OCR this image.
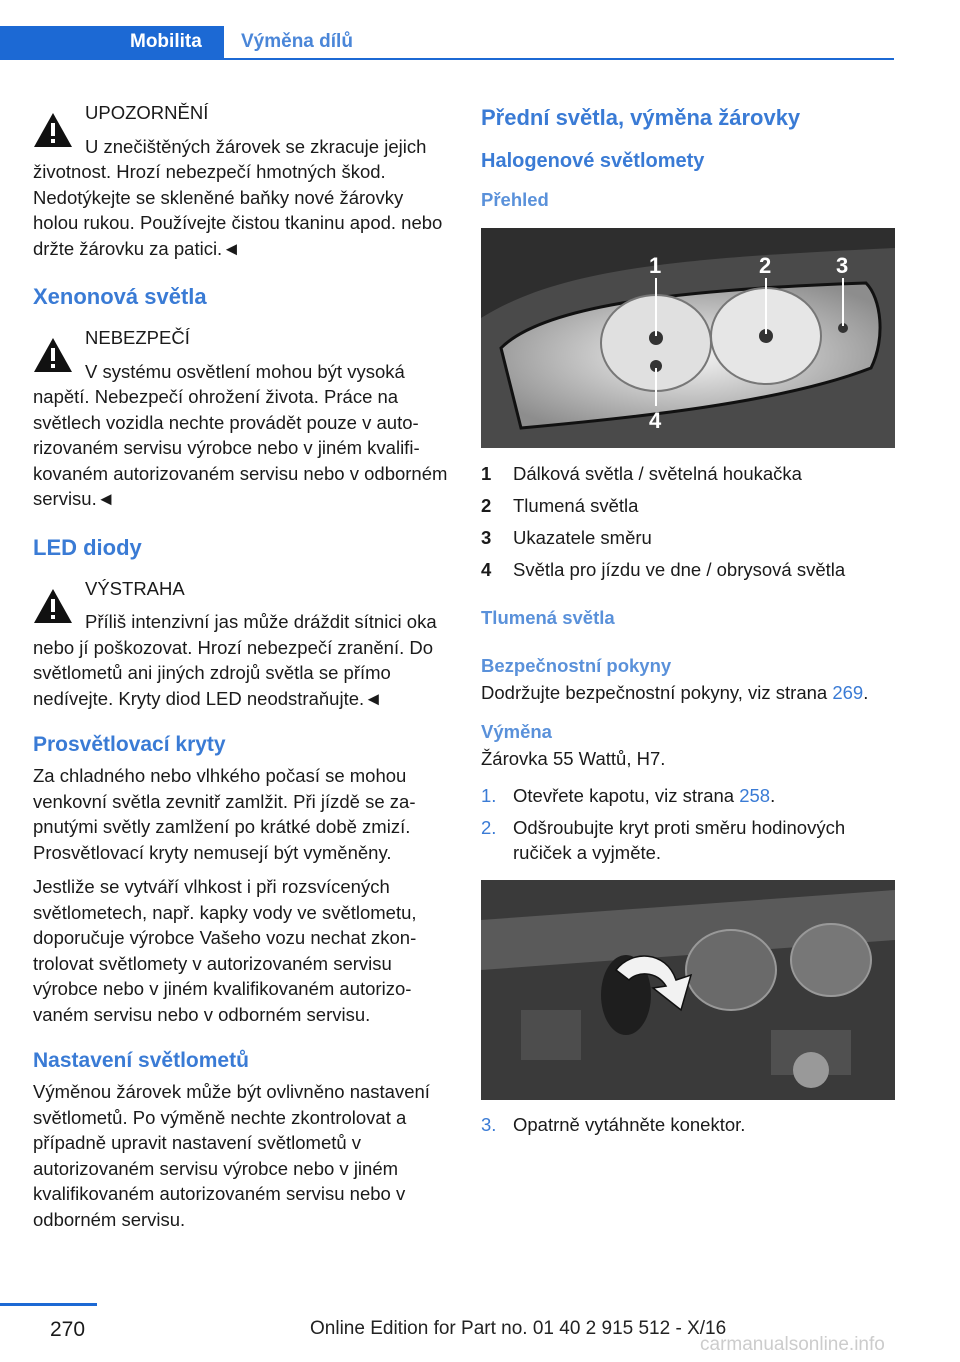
Mobilita Výměna dílů
UPOZORNĚNÍ
U znečištěných žárovek se zkracuje jejich životnost. Hrozí nebezpečí hmotných škod. Nedotýkejte se skleněné baňky nové žárovky holou rukou. Používejte čistou tkaninu apod. nebo držte žárovku za patici.◄
Xenonová světla
NEBEZPEČÍ
V systému osvětlení mohou být vysoká napětí. Nebezpečí ohrožení života. Práce na světlech vozidla nechte provádět pouze v autorizovaném servisu výrobce nebo v jiném kvalifikovaném autorizovaném servisu nebo v odborném servisu.◄
LED diody
VÝSTRAHA
Příliš intenzivní jas může dráždit sítnici oka nebo jí poškozovat. Hrozí nebezpečí zranění. Do světlometů ani jiných zdrojů světla se přímo nedívejte. Kryty diod LED neodstraňujte.◄
Prosvětlovací kryty

Za chladného nebo vlhkého počasí se mohou venkovní světla zevnitř zamlžit. Při jízdě se zapnutými světly zamlžení po krátké době zmizí. Prosvětlovací kryty nemusejí být vyměněny.

Jestliže se vytváří vlhkost i při rozsvícených světlometech, např. kapky vody ve světlometu, doporučuje výrobce Vašeho vozu nechat zkontrolovat světlomety v autorizovaném servisu výrobce nebo v jiném kvalifikovaném autorizovaném servisu nebo v odborném servisu.

Nastavení světlometů

Výměnou žárovek může být ovlivněno nastavení světlometů. Po výměně nechte zkontrolovat a případně upravit nastavení světlometů v autorizovaném servisu výrobce nebo v jiném kvalifikovaném autorizovaném servisu nebo v odborném servisu.

Přední světla, výměna žárovky
Halogenové světlomety
Přehled
1	2	3
4
1	Dálková světla / světelná houkačka
2	Tlumená světla
3	Ukazatele směru
4	Světla pro jízdu ve dne / obrysová světla
Tlumená světla
Bezpečnostní pokyny

Dodržujte bezpečnostní pokyny, viz strana 269.

Výměna

Žárovka 55 Wattů, H7.

1. Otevřete kapotu, viz strana 258.
2. Odšroubujte kryt proti směru hodinových ručiček a vyjměte.
3. Opatrně vytáhněte konektor.
270	Online Edition for Part no. 01 40 2 915 512 - X/16
carmanualsonline.info
